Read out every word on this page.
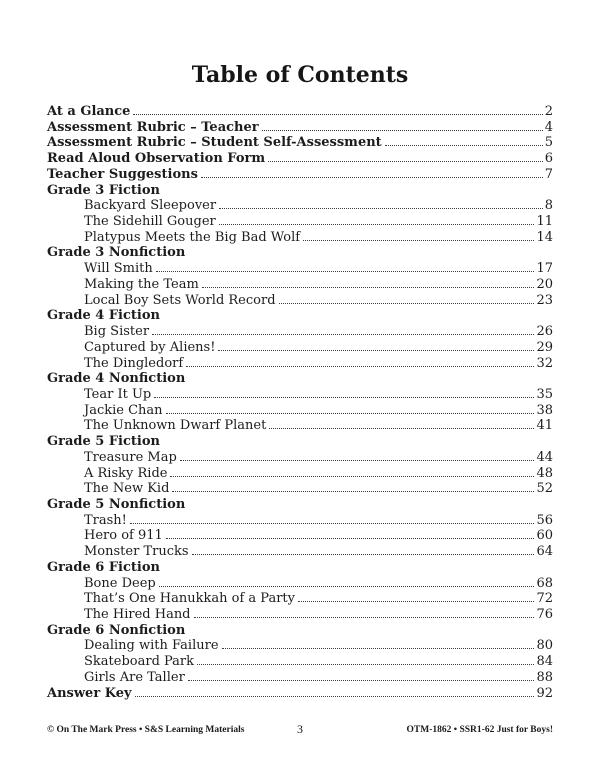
Table of Contents
At a Glance	2
Assessment Rubric – Teacher	4
Assessment Rubric – Student Self-Assessment	5
Read Aloud Observation Form	6
Teacher Suggestions	7
Grade 3 Fiction
Backyard Sleepover	8
The Sidehill Gouger	11
Platypus Meets the Big Bad Wolf	14
Grade 3 Nonfiction
Will Smith	17
Making the Team	20
Local Boy Sets World Record	23
Grade 4 Fiction
Big Sister	26
Captured by Aliens!	29
The Dingledorf	32
Grade 4 Nonfiction
Tear It Up	35
Jackie Chan	38
The Unknown Dwarf Planet	41
Grade 5 Fiction
Treasure Map	44
A Risky Ride	48
The New Kid	52
Grade 5 Nonfiction
Trash!	56
Hero of 911	60
Monster Trucks	64
Grade 6 Fiction
Bone Deep	68
That’s One Hanukkah of a Party	72
The Hired Hand	76
Grade 6 Nonfiction
Dealing with Failure	80
Skateboard Park	84
Girls Are Taller	88
Answer Key	92
© On The Mark Press • S&S Learning Materials	3	OTM-1862 • SSR1-62 Just for Boys!
